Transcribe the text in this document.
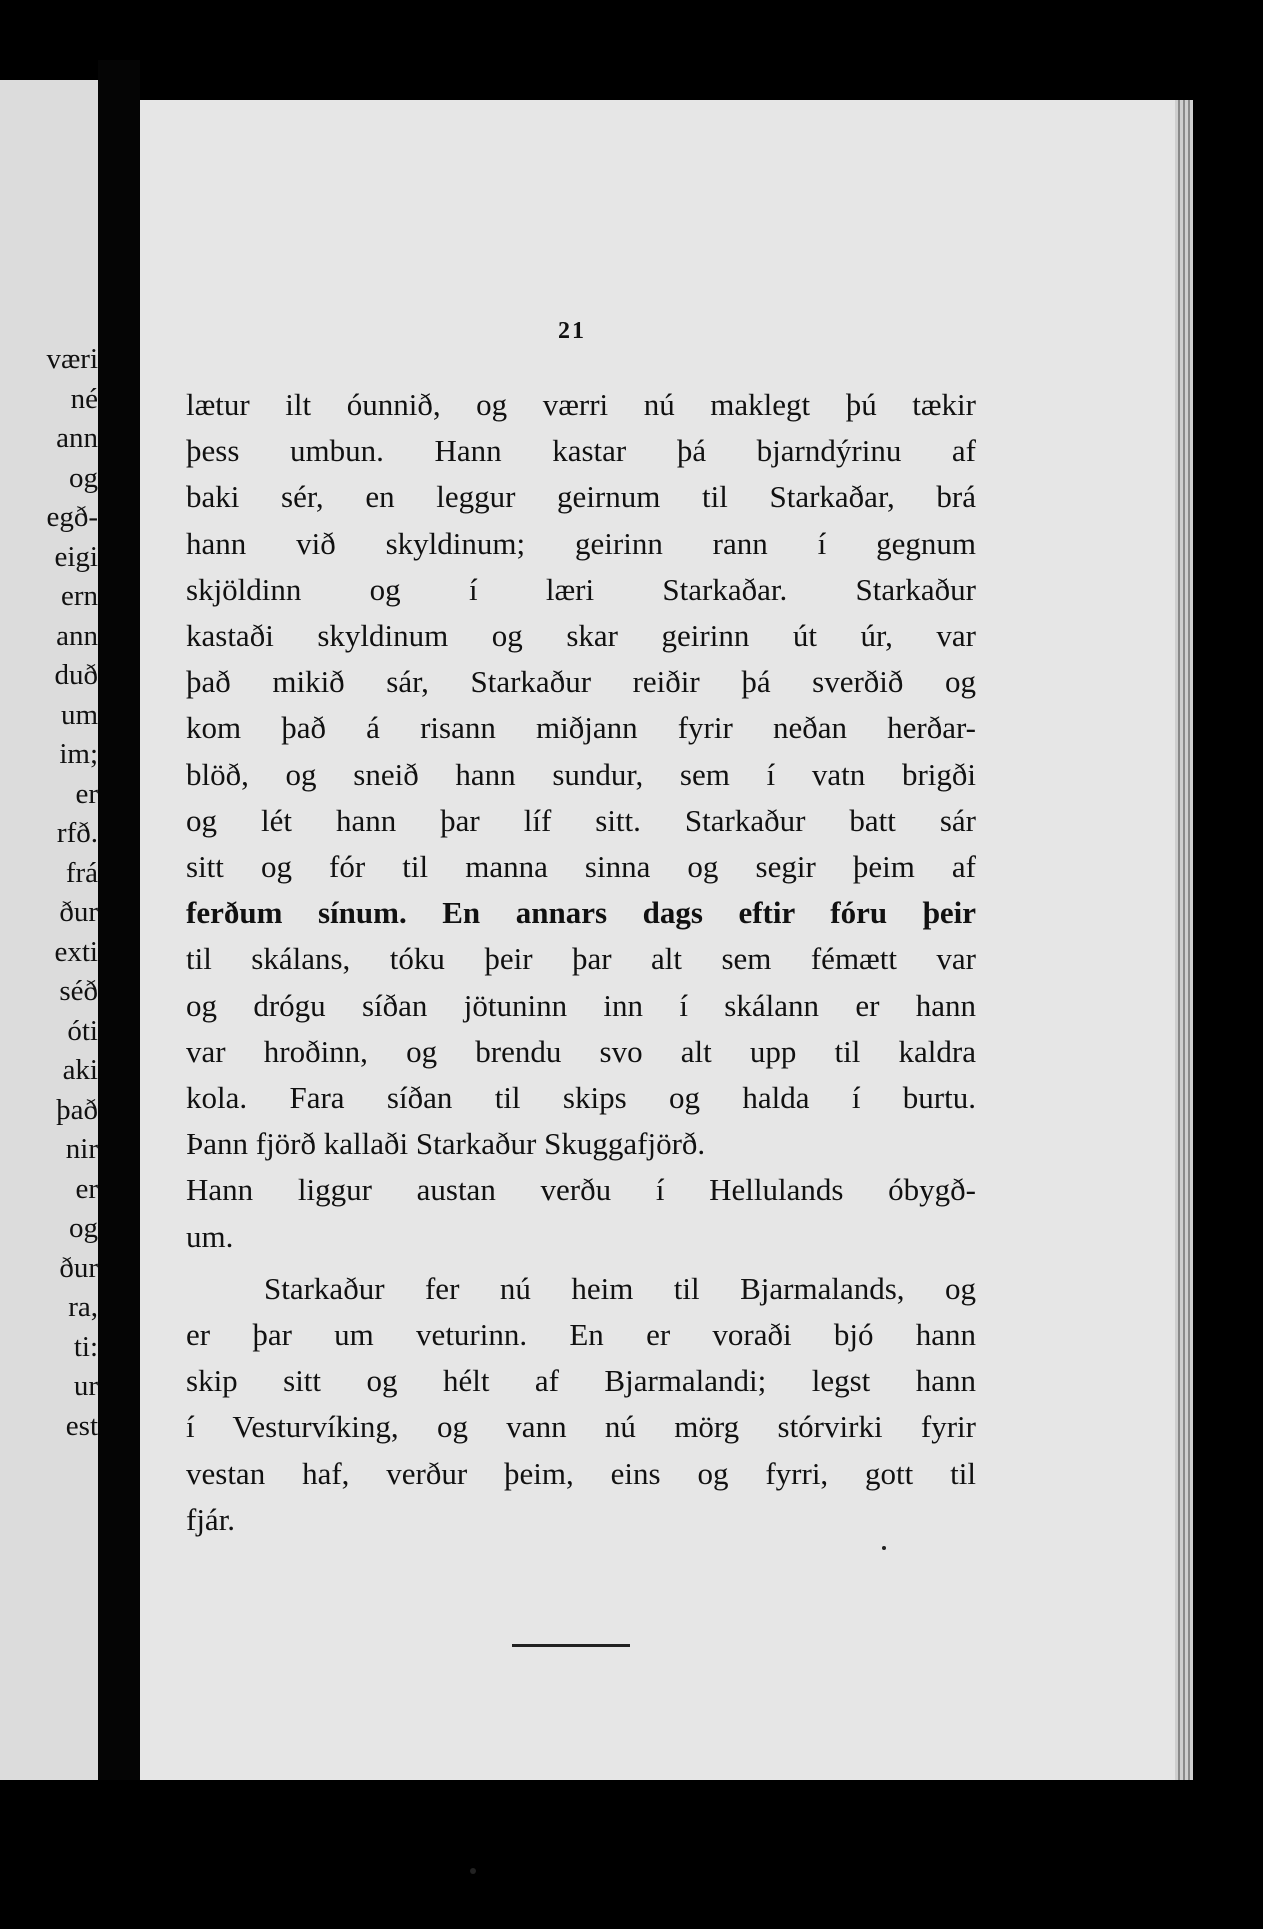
21
væri
né
ann
og
egð-
eigi
ern
ann
duð
um
im;
er
rfð.
frá
ður
exti
séð
óti
aki
það
nir
er
og
ður
ra,
ti:
ur
est
lætur ilt óunnið, og værri nú maklegt þú tækir
þess umbun. Hann kastar þá bjarndýrinu af
baki sér, en leggur geirnum til Starkaðar, brá
hann við skyldinum; geirinn rann í gegnum
skjöldinn og í læri Starkaðar. Starkaður
kastaði skyldinum og skar geirinn út úr, var
það mikið sár, Starkaður reiðir þá sverðið og
kom það á risann miðjann fyrir neðan herðar-
blöð, og sneið hann sundur, sem í vatn brigði
og lét hann þar líf sitt. Starkaður batt sár
sitt og fór til manna sinna og segir þeim af
ferðum sínum. En annars dags eftir fóru þeir
til skálans, tóku þeir þar alt sem fémætt var
og drógu síðan jötuninn inn í skálann er hann
var hroðinn, og brendu svo alt upp til kaldra
kola. Fara síðan til skips og halda í burtu.
Þann fjörð kallaði Starkaður Skuggafjörð.
Hann liggur austan verðu í Hellulands óbygð-
um.
Starkaður fer nú heim til Bjarmalands, og
er þar um veturinn. En er voraði bjó hann
skip sitt og hélt af Bjarmalandi; legst hann
í Vesturvíking, og vann nú mörg stórvirki fyrir
vestan haf, verður þeim, eins og fyrri, gott til
fjár.
